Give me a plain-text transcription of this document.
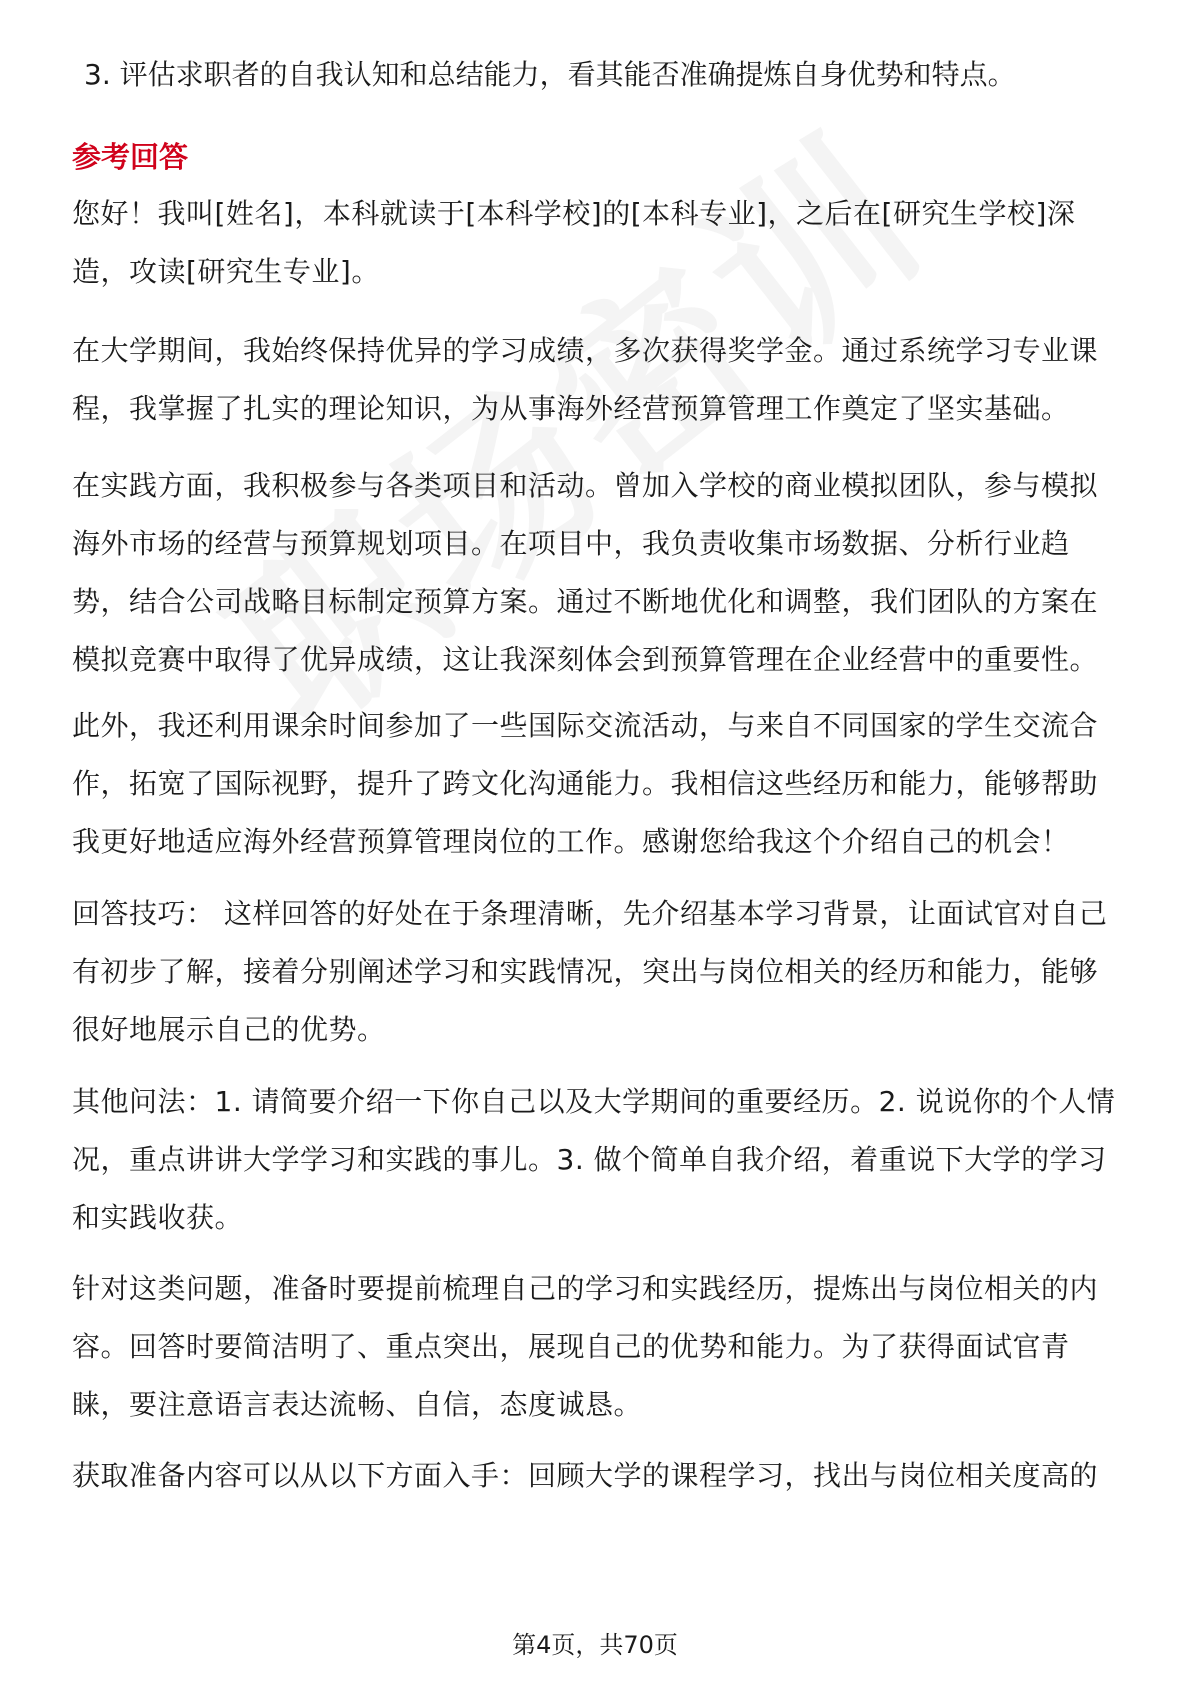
3. 评估求职者的自我认知和总结能力，看其能否准确提炼自身优势和特点。

参考回答

您好！我叫[姓名]，本科就读于[本科学校]的[本科专业]，之后在[研究生学校]深造，攻读[研究生专业]。

在大学期间，我始终保持优异的学习成绩，多次获得奖学金。通过系统学习专业课程，我掌握了扎实的理论知识，为从事海外经营预算管理工作奠定了坚实基础。

在实践方面，我积极参与各类项目和活动。曾加入学校的商业模拟团队，参与模拟海外市场的经营与预算规划项目。在项目中，我负责收集市场数据、分析行业趋势，结合公司战略目标制定预算方案。通过不断地优化和调整，我们团队的方案在模拟竞赛中取得了优异成绩，这让我深刻体会到预算管理在企业经营中的重要性。

此外，我还利用课余时间参加了一些国际交流活动，与来自不同国家的学生交流合作，拓宽了国际视野，提升了跨文化沟通能力。我相信这些经历和能力，能够帮助我更好地适应海外经营预算管理岗位的工作。感谢您给我这个介绍自己的机会！

回答技巧： 这样回答的好处在于条理清晰，先介绍基本学习背景，让面试官对自己有初步了解，接着分别阐述学习和实践情况，突出与岗位相关的经历和能力，能够很好地展示自己的优势。

其他问法：1. 请简要介绍一下你自己以及大学期间的重要经历。2. 说说你的个人情况，重点讲讲大学学习和实践的事儿。3. 做个简单自我介绍，着重说下大学的学习和实践收获。

针对这类问题，准备时要提前梳理自己的学习和实践经历，提炼出与岗位相关的内容。回答时要简洁明了、重点突出，展现自己的优势和能力。为了获得面试官青睐，要注意语言表达流畅、自信，态度诚恳。

获取准备内容可以从以下方面入手：回顾大学的课程学习，找出与岗位相关度高的

第4页，共70页
